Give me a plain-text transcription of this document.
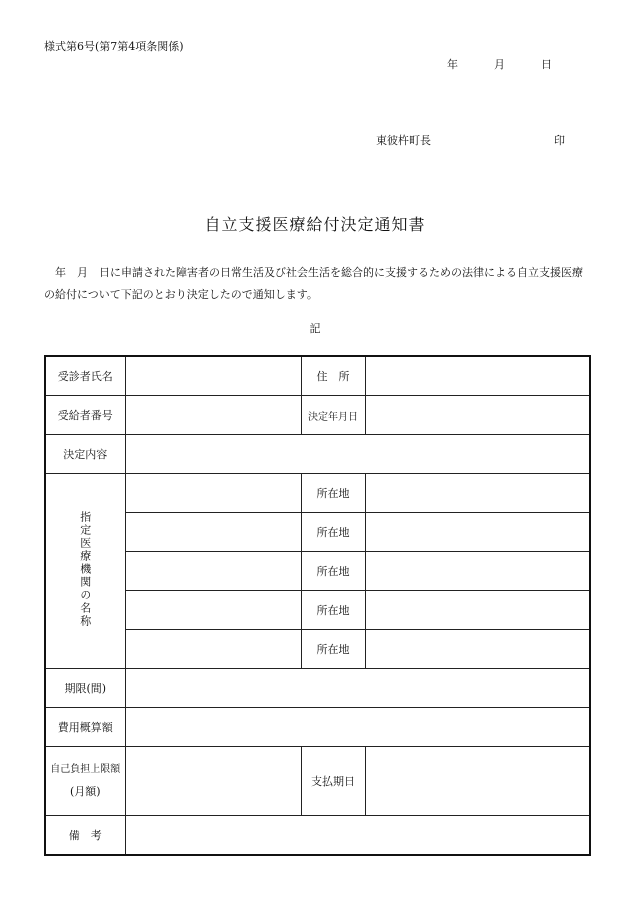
様式第6号(第7第4項条関係)
年	月	日
東彼杵町長	印
自立支援医療給付決定通知書
年　月　日に申請された障害者の日常生活及び社会生活を総合的に支援するための法律による自立支援医療の給付について下記のとおり決定したので通知します。
記
受診者氏名		住　所	
受給者番号		決定年月日	
決定内容			
指定医療機関の名称		所在地	
		所在地	
		所在地	
		所在地	
		所在地	
期限(間)			
費用概算額			

自己負担上限額
(月額)		支払期日	
備　考			
